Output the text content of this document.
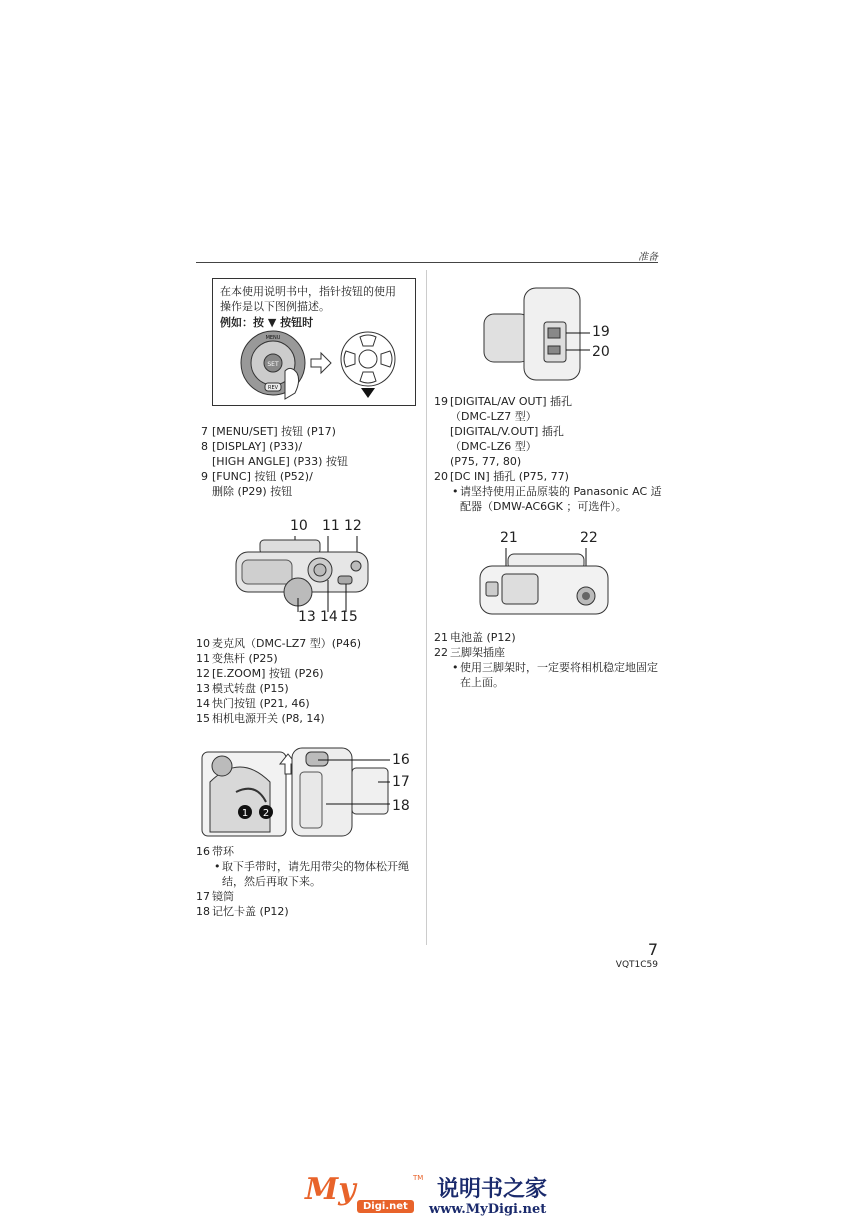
准备
在本使用说明书中，指针按钮的使用
操作是以下图例描述。
例如：按 ▼ 按钮时
SET
MENU
REV
7 [MENU/SET] 按钮 (P17)
8 [DISPLAY] (P33)/
[HIGH ANGLE] (P33) 按钮
9 [FUNC] 按钮 (P52)/
删除 (P29) 按钮
10 11 12
13 14 15
10 麦克风（DMC-LZ7 型）(P46)
11 变焦杆 (P25)
12 [E.ZOOM] 按钮 (P26)
13 模式转盘 (P15)
14 快门按钮 (P21, 46)
15 相机电源开关 (P8, 14)
1 2
16
17
18
16 带环
• 取下手带时，请先用带尖的物体松开绳结，然后再取下来。
17 镜筒
18 记忆卡盖 (P12)
19
20
19 [DIGITAL/AV OUT] 插孔
（DMC-LZ7 型）
[DIGITAL/V.OUT] 插孔
（DMC-LZ6 型）
(P75, 77, 80)
20 [DC IN] 插孔 (P75, 77)
• 请坚持使用正品原装的 Panasonic AC 适配器（DMW-AC6GK ；可选件）。
21	22
21 电池盖 (P12)
22 三脚架插座
• 使用三脚架时，一定要将相机稳定地固定在上面。
7
VQT1C59
My	TM
Digi.net
说明书之家
www.MyDigi.net
